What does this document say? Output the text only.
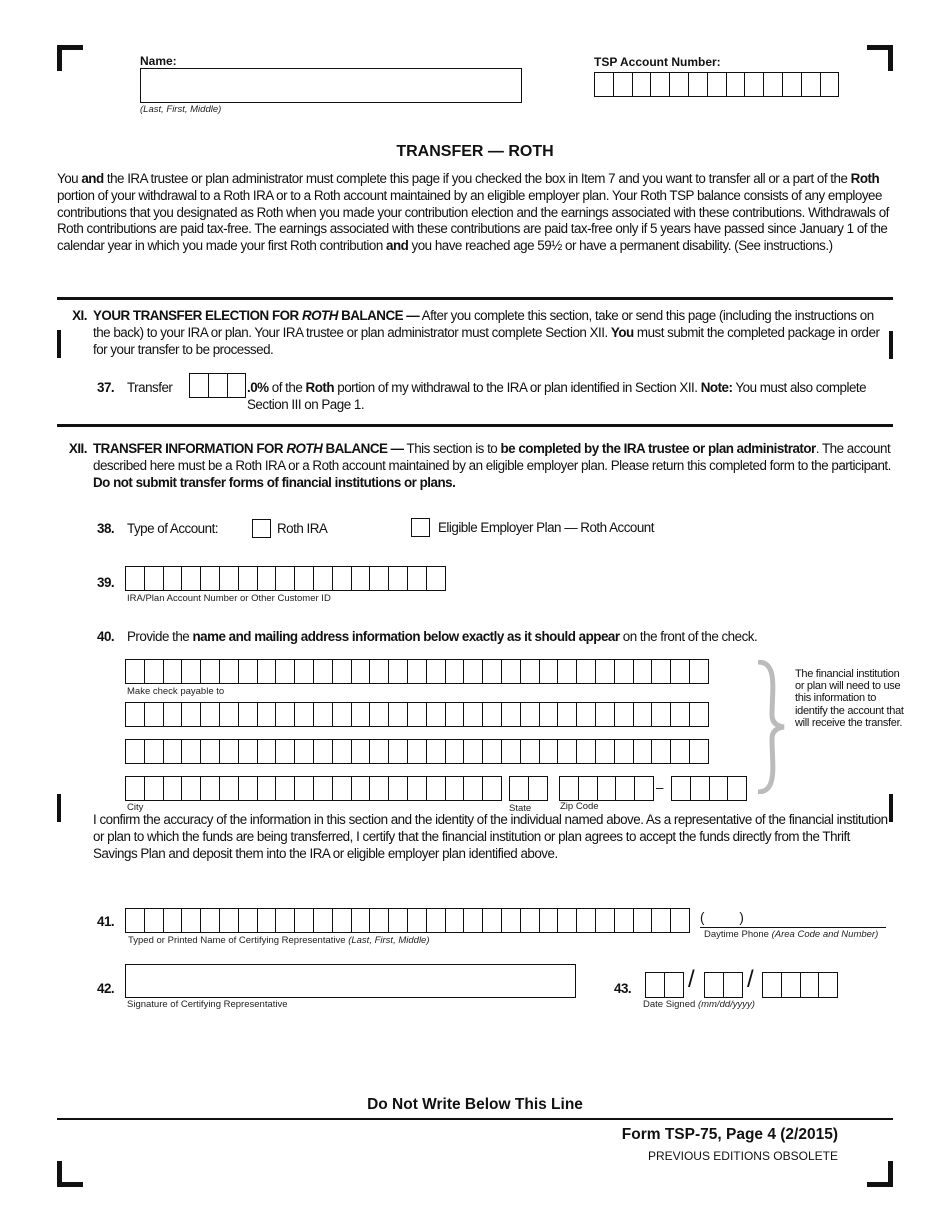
Name:
(Last, First, Middle)
TSP Account Number:
TRANSFER — ROTH
You and the IRA trustee or plan administrator must complete this page if you checked the box in Item 7 and you want to transfer all or a part of the Roth portion of your withdrawal to a Roth IRA or to a Roth account maintained by an eligible employer plan. Your Roth TSP balance consists of any employee contributions that you designated as Roth when you made your contribution election and the earnings associated with these contributions. Withdrawals of Roth contributions are paid tax-free. The earnings associated with these contributions are paid tax-free only if 5 years have passed since January 1 of the calendar year in which you made your first Roth contribution and you have reached age 59½ or have a permanent disability. (See instructions.)
XI. YOUR TRANSFER ELECTION FOR ROTH BALANCE — After you complete this section, take or send this page (including the instructions on the back) to your IRA or plan. Your IRA trustee or plan administrator must complete Section XII. You must submit the completed package in order for your transfer to be processed.
37. Transfer	.0% of the Roth portion of my withdrawal to the IRA or plan identified in Section XII. Note: You must also complete Section III on Page 1.
XII. TRANSFER INFORMATION FOR ROTH BALANCE — This section is to be completed by the IRA trustee or plan administrator. The account described here must be a Roth IRA or a Roth account maintained by an eligible employer plan. Please return this completed form to the participant. Do not submit transfer forms of financial institutions or plans.
38. Type of Account:	Roth IRA	Eligible Employer Plan — Roth Account
39.
IRA/Plan Account Number or Other Customer ID
40. Provide the name and mailing address information below exactly as it should appear on the front of the check.
Make check payable to
–
City	State	Zip Code
The financial institution or plan will need to use this information to identify the account that will receive the transfer.
I confirm the accuracy of the information in this section and the identity of the individual named above. As a representative of the financial institution or plan to which the funds are being transferred, I certify that the financial institution or plan agrees to accept the funds directly from the Thrift Savings Plan and deposit them into the IRA or eligible employer plan identified above.
41.
Typed or Printed Name of Certifying Representative (Last, First, Middle)
(           )
Daytime Phone (Area Code and Number)
42.
Signature of Certifying Representative
43. / /
Date Signed (mm/dd/yyyy)
Do Not Write Below This Line
Form TSP-75, Page 4 (2/2015)
PREVIOUS EDITIONS OBSOLETE
